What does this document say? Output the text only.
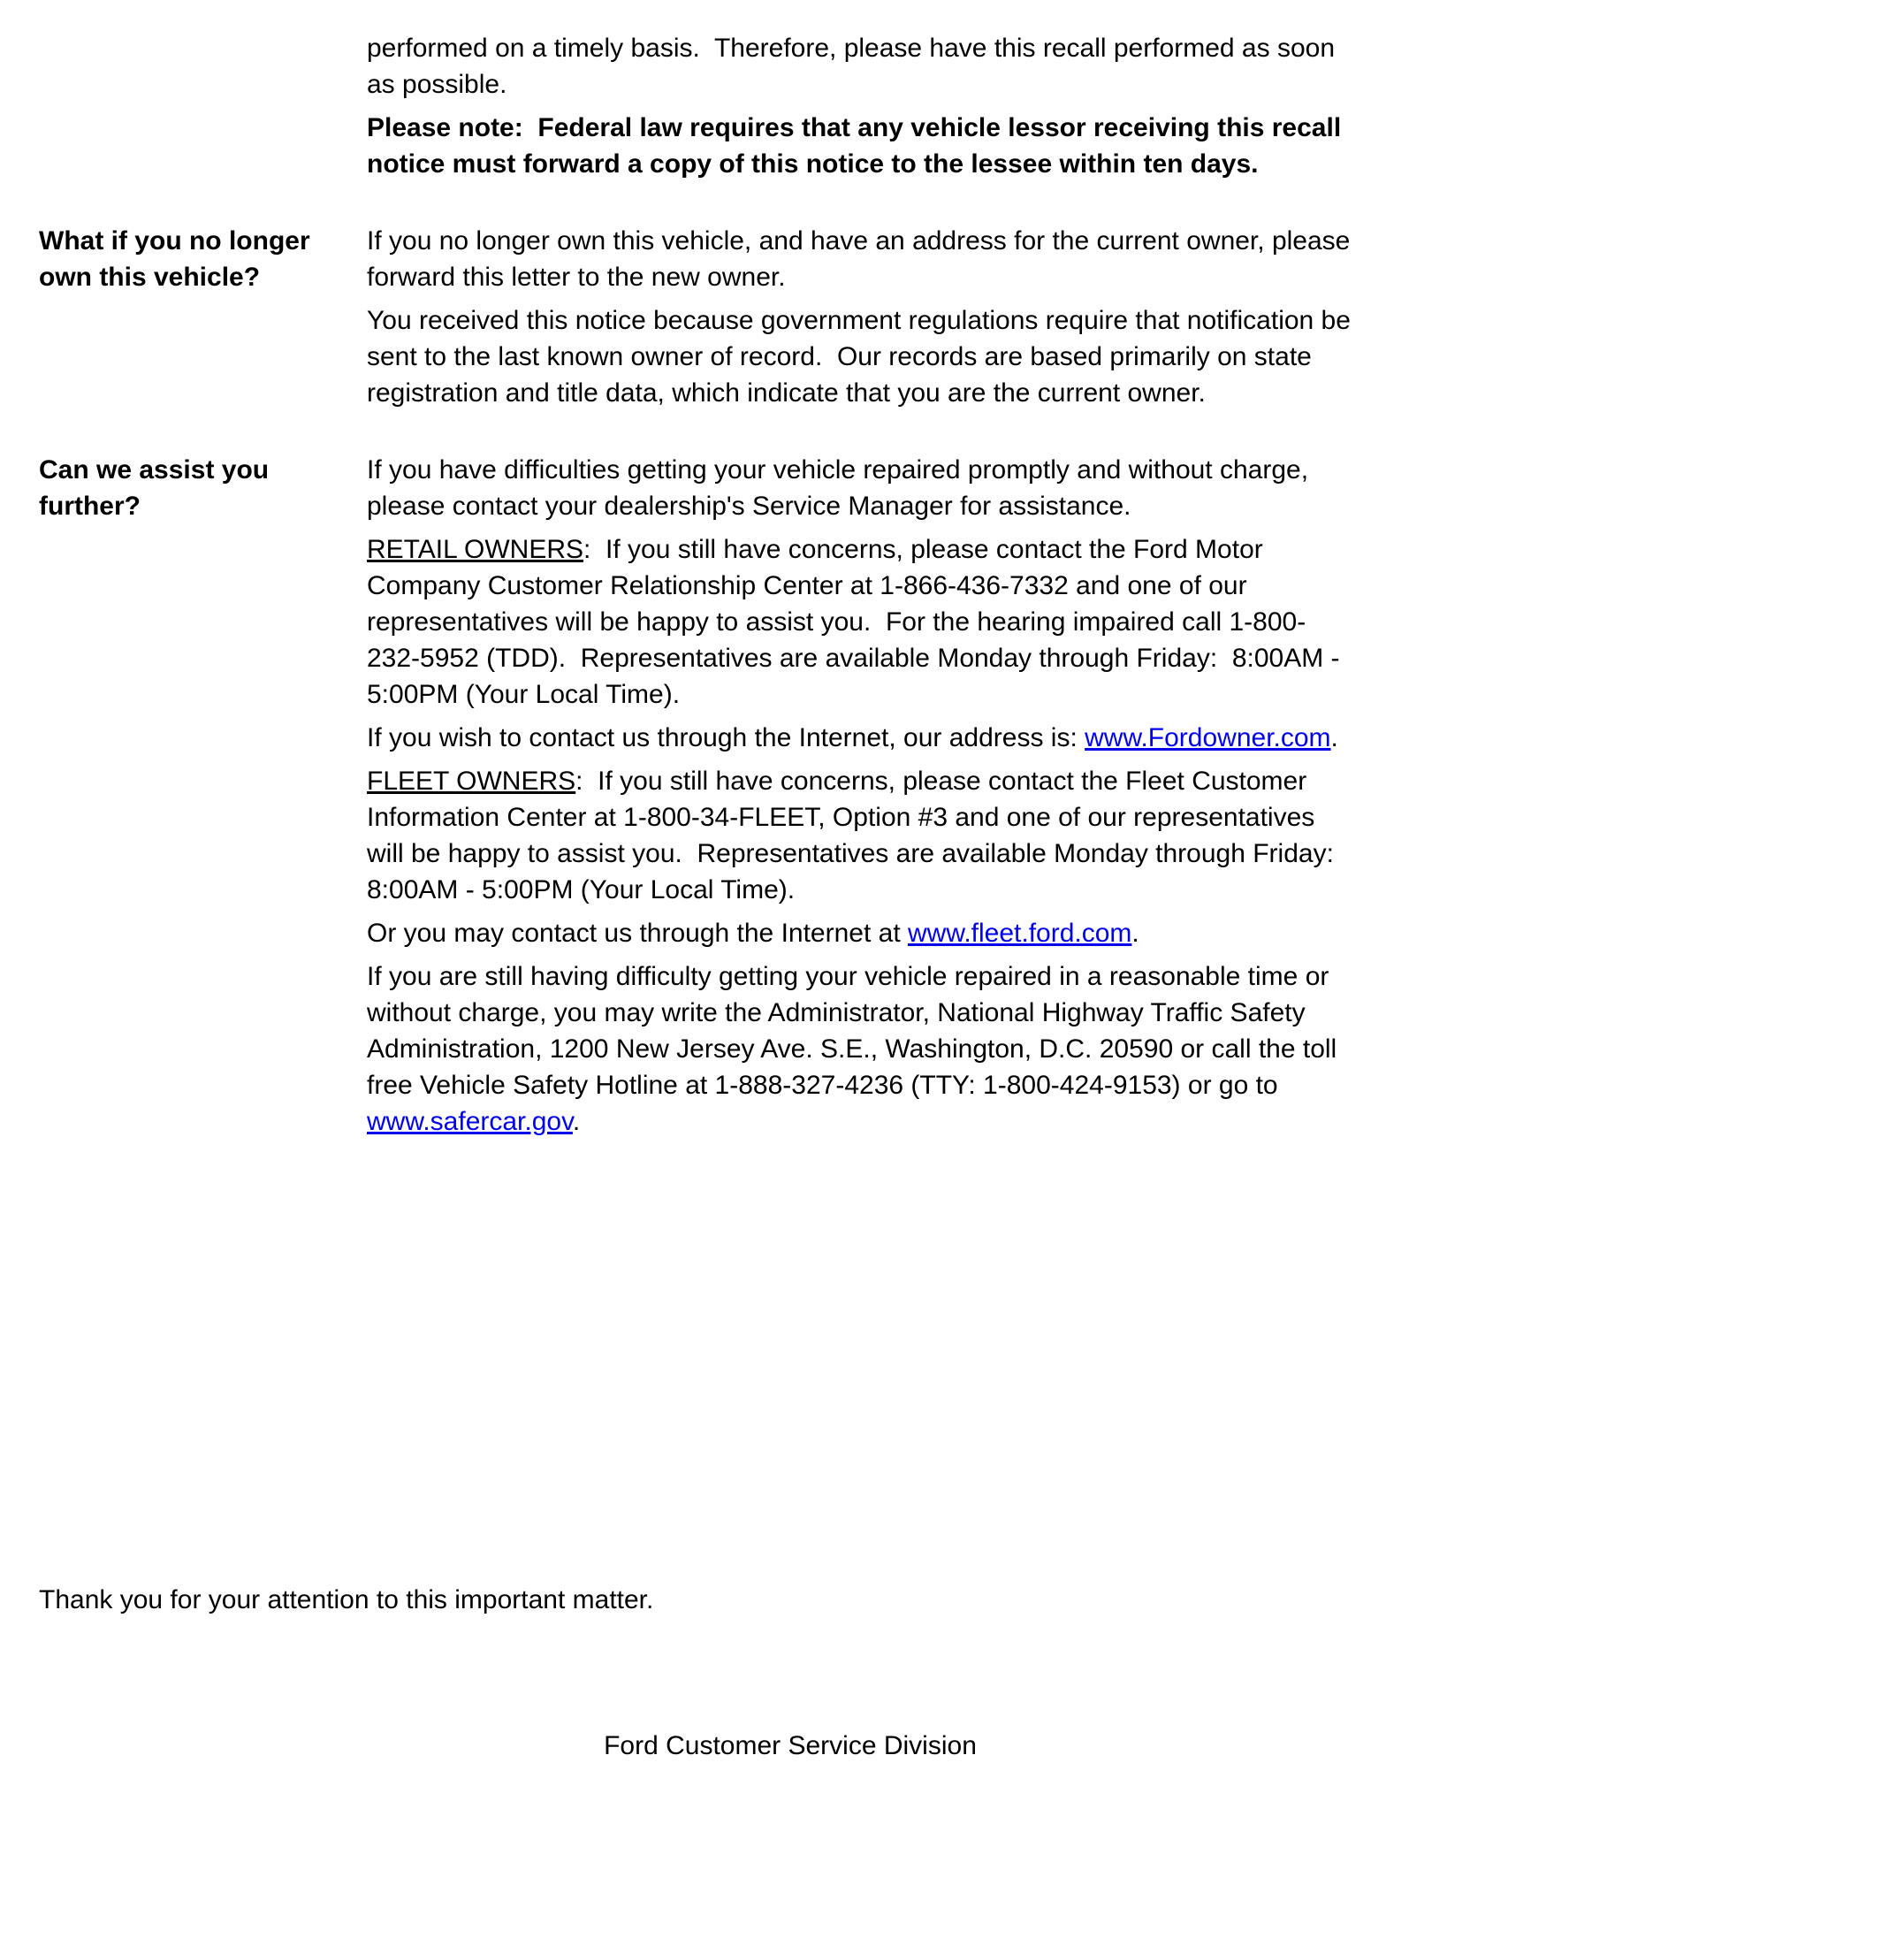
performed on a timely basis.  Therefore, please have this recall performed as soon as possible.

Please note:  Federal law requires that any vehicle lessor receiving this recall notice must forward a copy of this notice to the lessee within ten days.

What if you no longer own this vehicle?

If you no longer own this vehicle, and have an address for the current owner, please forward this letter to the new owner.

You received this notice because government regulations require that notification be sent to the last known owner of record.  Our records are based primarily on state registration and title data, which indicate that you are the current owner.

Can we assist you further?

If you have difficulties getting your vehicle repaired promptly and without charge, please contact your dealership's Service Manager for assistance.

RETAIL OWNERS:  If you still have concerns, please contact the Ford Motor Company Customer Relationship Center at 1-866-436-7332 and one of our representatives will be happy to assist you.  For the hearing impaired call 1-800-232-5952 (TDD).  Representatives are available Monday through Friday:  8:00AM - 5:00PM (Your Local Time).

If you wish to contact us through the Internet, our address is: www.Fordowner.com.

FLEET OWNERS:  If you still have concerns, please contact the Fleet Customer Information Center at 1-800-34-FLEET, Option #3 and one of our representatives will be happy to assist you.  Representatives are available Monday through Friday:  8:00AM - 5:00PM (Your Local Time).

Or you may contact us through the Internet at www.fleet.ford.com.

If you are still having difficulty getting your vehicle repaired in a reasonable time or without charge, you may write the Administrator, National Highway Traffic Safety Administration, 1200 New Jersey Ave. S.E., Washington, D.C. 20590 or call the toll free Vehicle Safety Hotline at 1-888-327-4236 (TTY: 1-800-424-9153) or go to www.safercar.gov.

Thank you for your attention to this important matter.

Ford Customer Service Division
